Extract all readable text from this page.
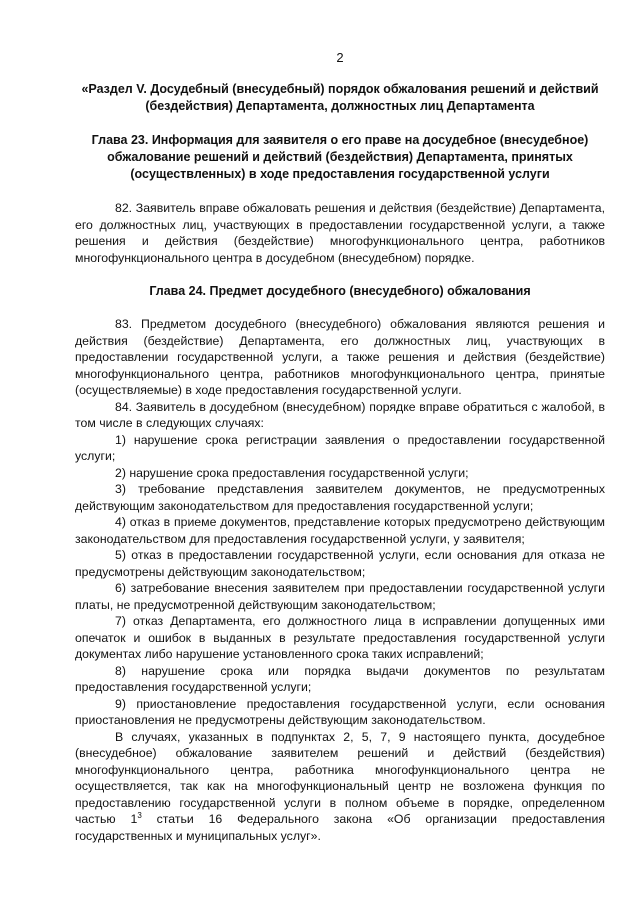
2
«Раздел V. Досудебный (внесудебный) порядок обжалования решений и действий (бездействия) Департамента, должностных лиц Департамента
Глава 23. Информация для заявителя о его праве на досудебное (внесудебное) обжалование решений и действий (бездействия) Департамента, принятых (осуществленных) в ходе предоставления государственной услуги

82. Заявитель вправе обжаловать решения и действия (бездействие) Департамента, его должностных лиц, участвующих в предоставлении государственной услуги, а также решения и действия (бездействие) многофункционального центра, работников многофункционального центра в досудебном (внесудебном) порядке.

Глава 24. Предмет досудебного (внесудебного) обжалования

83. Предметом досудебного (внесудебного) обжалования являются решения и действия (бездействие) Департамента, его должностных лиц, участвующих в предоставлении государственной услуги, а также решения и действия (бездействие) многофункционального центра, работников многофункционального центра, принятые (осуществляемые) в ходе предоставления государственной услуги.

84. Заявитель в досудебном (внесудебном) порядке вправе обратиться с жалобой, в том числе в следующих случаях:

1) нарушение срока регистрации заявления о предоставлении государственной услуги;

2) нарушение срока предоставления государственной услуги;

3) требование представления заявителем документов, не предусмотренных действующим законодательством для предоставления государственной услуги;

4) отказ в приеме документов, представление которых предусмотрено действующим законодательством для предоставления государственной услуги, у заявителя;

5) отказ в предоставлении государственной услуги, если основания для отказа не предусмотрены действующим законодательством;

6) затребование внесения заявителем при предоставлении государственной услуги платы, не предусмотренной действующим законодательством;

7) отказ Департамента, его должностного лица в исправлении допущенных ими опечаток и ошибок в выданных в результате предоставления государственной услуги документах либо нарушение установленного срока таких исправлений;

8) нарушение срока или порядка выдачи документов по результатам предоставления государственной услуги;

9) приостановление предоставления государственной услуги, если основания приостановления не предусмотрены действующим законодательством.

В случаях, указанных в подпунктах 2, 5, 7, 9 настоящего пункта, досудебное (внесудебное) обжалование заявителем решений и действий (бездействия) многофункционального центра, работника многофункционального центра не осуществляется, так как на многофункциональный центр не возложена функция по предоставлению государственной услуги в полном объеме в порядке, определенном частью $1^3$ статьи 16 Федерального закона «Об организации предоставления государственных и муниципальных услуг».
